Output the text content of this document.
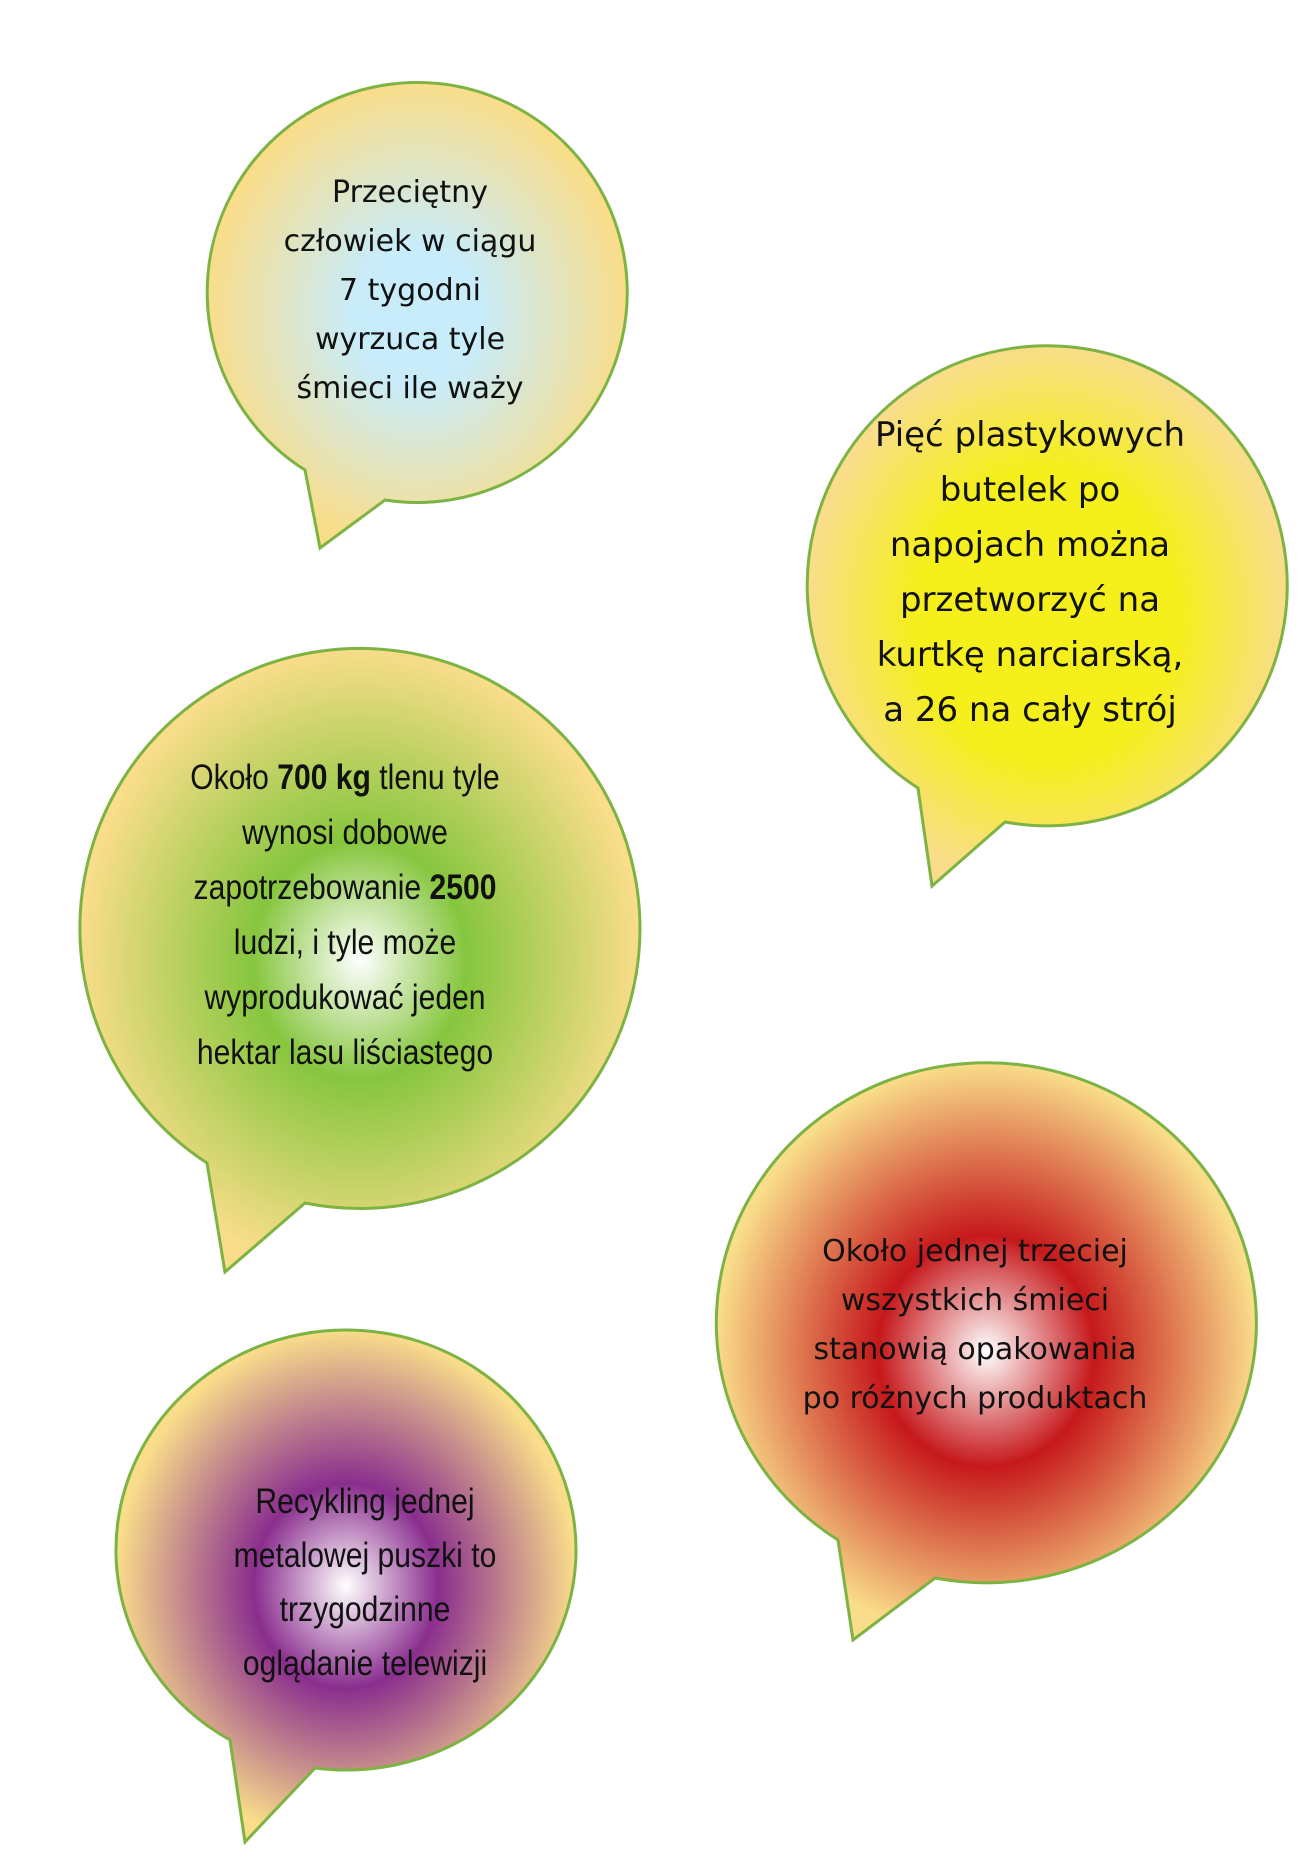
Przeciętny
człowiek w ciągu
7 tygodni
wyrzuca tyle
śmieci ile waży
Pięć plastykowych
butelek po
napojach można
przetworzyć na
kurtkę narciarską,
a 26 na cały strój
Około 700 kg tlenu tyle
wynosi dobowe
zapotrzebowanie 2500
ludzi, i tyle może
wyprodukować jeden
hektar lasu liściastego
Około jednej trzeciej
wszystkich śmieci
stanowią opakowania
po różnych produktach
Recykling jednej
metalowej puszki to
trzygodzinne
oglądanie telewizji
